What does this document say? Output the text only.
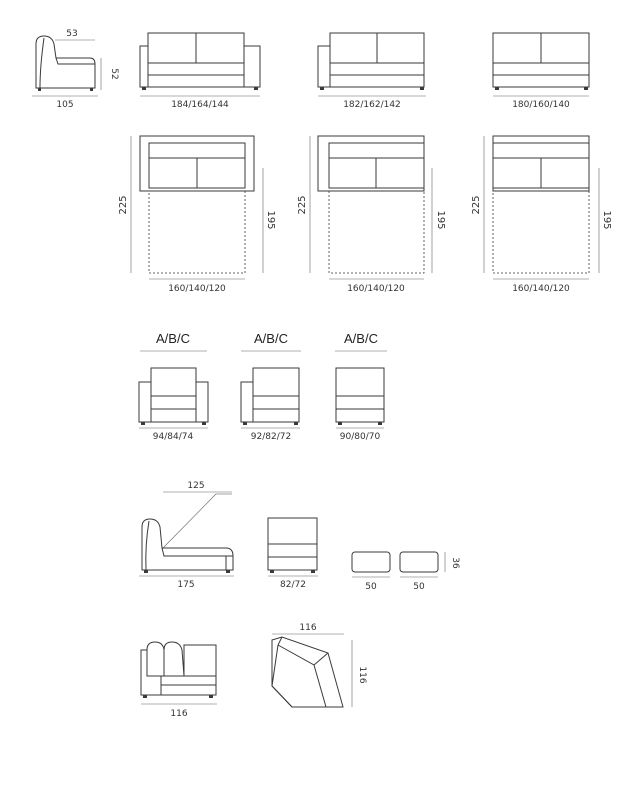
53
52
105	184/164/144	182/162/142	180/160/140
225
195
160/140/120
225
195
160/140/120
225
195
160/140/120
A/B/C
94/84/74
A/B/C
92/82/72
A/B/C
90/80/70
125
175	82/72	50	50
36
116
116
116
